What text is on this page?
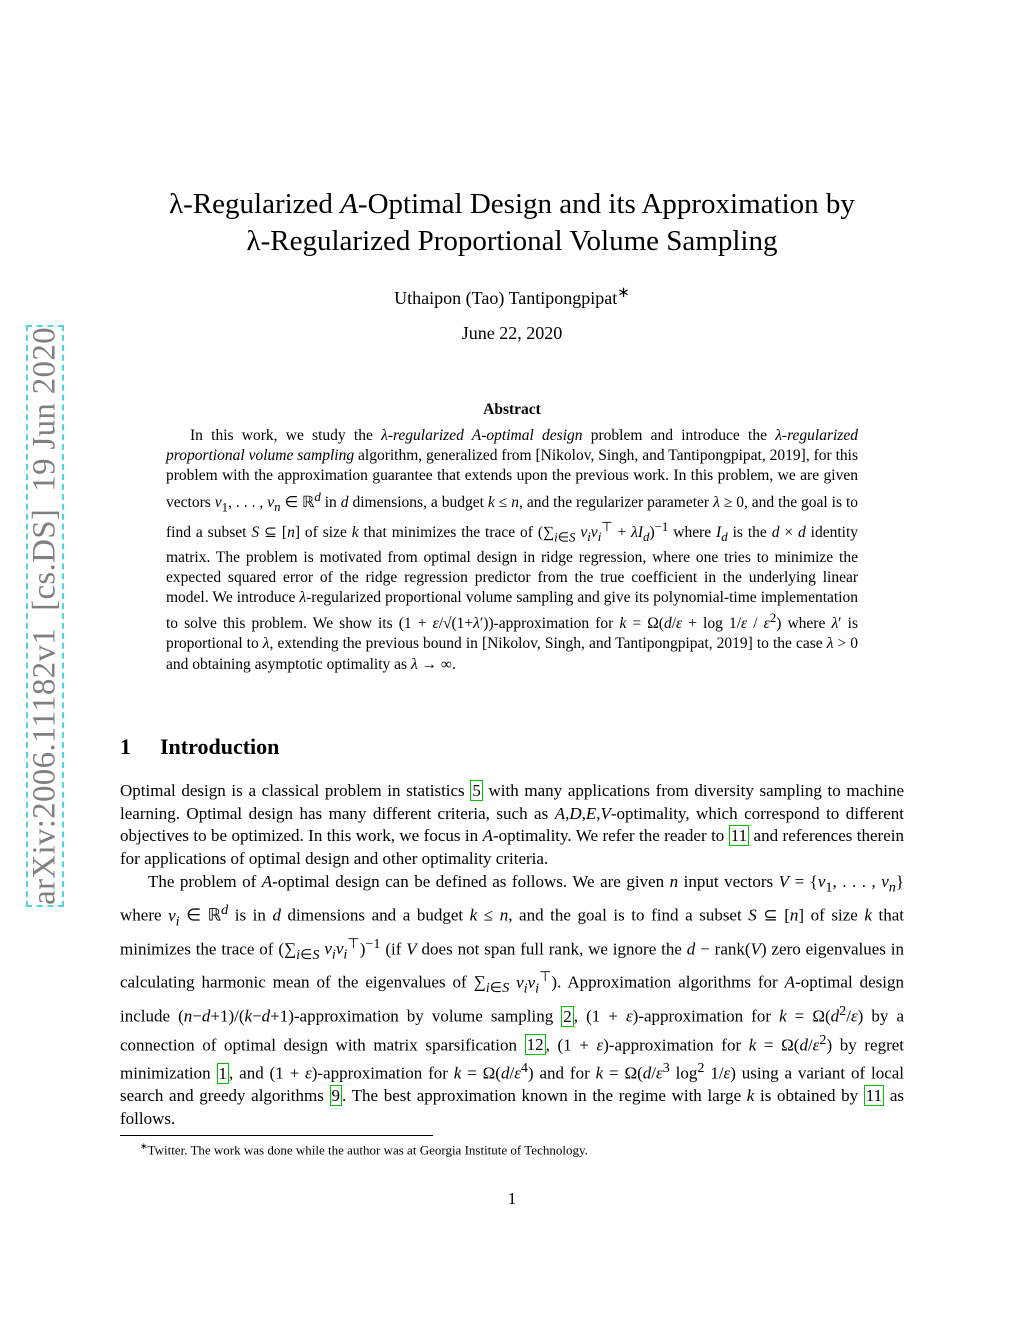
arXiv:2006.11182v1  [cs.DS]  19 Jun 2020
λ-Regularized A-Optimal Design and its Approximation by
λ-Regularized Proportional Volume Sampling
Uthaipon (Tao) Tantipongpipat∗
June 22, 2020
Abstract

In this work, we study the λ-regularized A-optimal design problem and introduce the λ-regularized proportional volume sampling algorithm, generalized from [Nikolov, Singh, and Tantipongpipat, 2019], for this problem with the approximation guarantee that extends upon the previous work. In this problem, we are given vectors $v_1$, . . . , $v_n$ ∈ ℝ$^d$ in d dimensions, a budget k ≤ n, and the regularizer parameter λ ≥ 0, and the goal is to find a subset S ⊆ [n] of size k that minimizes the trace of ($\sum_{i\in S}$ $v_iv_i^⊤ + \lambda I_d)^{-1}$ where $I_d$ is the d × d identity matrix. The problem is motivated from optimal design in ridge regression, where one tries to minimize the expected squared error of the ridge regression predictor from the true coefficient in the underlying linear model. We introduce λ-regularized proportional volume sampling and give its polynomial-time implementation to solve this problem. We show its (1 + ε/√(1+λ′))-approximation for $k = \Omega(d/\varepsilon + \log 1/\varepsilon / \varepsilon^2)$ where λ′ is proportional to λ, extending the previous bound in [Nikolov, Singh, and Tantipongpipat, 2019] to the case λ > 0 and obtaining asymptotic optimality as λ → ∞.

1 Introduction

Optimal design is a classical problem in statistics 5 with many applications from diversity sampling to machine learning. Optimal design has many different criteria, such as A,D,E,V-optimality, which correspond to different objectives to be optimized. In this work, we focus in A-optimality. We refer the reader to 11 and references therein for applications of optimal design and other optimality criteria.

The problem of A-optimal design can be defined as follows. We are given n input vectors $V = \{v_1$, . . . , $v_n$} where $v_i$ ∈ ℝ$^d$ is in d dimensions and a budget k ≤ n, and the goal is to find a subset S ⊆ [n] of size k that minimizes the trace of ($\sum_{i\in S}$ $v_iv_i^⊤)^{-1}$ (if V does not span full rank, we ignore the d − rank(V) zero eigenvalues in calculating harmonic mean of the eigenvalues of $\sum_{i\in S}$ $v_iv_i^⊤$). Approximation algorithms for A-optimal design include (n−d+1)/(k−d+1)-approximation by volume sampling 2 , (1 + ε)-approximation for $k = \Omega(d^2/\varepsilon)$ by a connection of optimal design with matrix sparsification 12 , (1 + ε)-approximation for $k = \Omega(d/\varepsilon^2)$ by regret minimization 1 , and (1 + ε)-approximation for $k = \Omega(d/\varepsilon^4)$ and for $k = \Omega(d/\varepsilon^3$ $\log^2 1/\varepsilon$) using a variant of local search and greedy algorithms 9 . The best approximation known in the regime with large k is obtained by 11 as follows.

∗Twitter. The work was done while the author was at Georgia Institute of Technology.
1
